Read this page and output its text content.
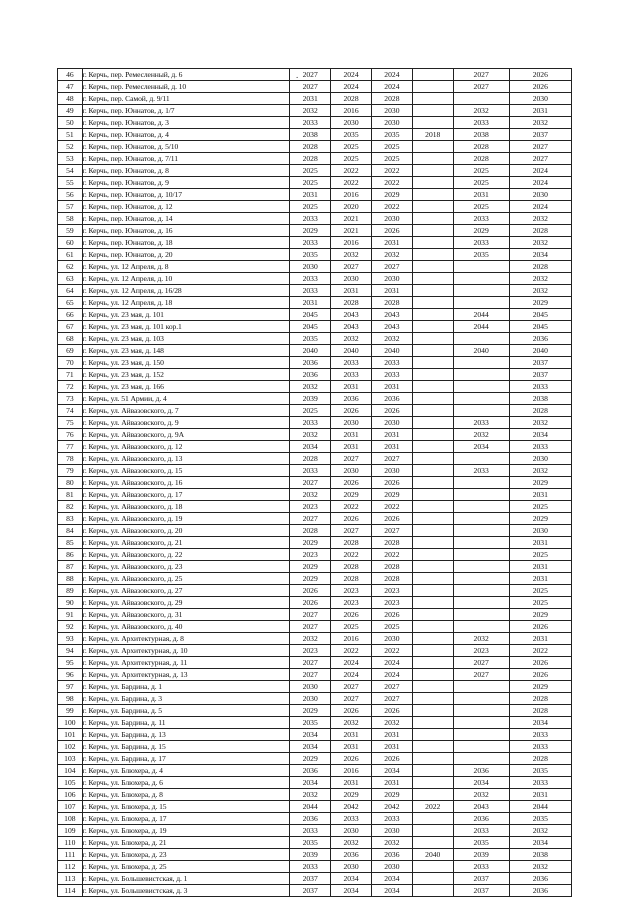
46	г. Керчь, пер. Ремесленный, д. 6	2027	2024	2024		2027	2026
47	г. Керчь, пер. Ремесленный, д. 10	2027	2024	2024		2027	2026
48	г. Керчь, пер. Самой, д. 9/11	2031	2028	2028			2030
49	г. Керчь, пер. Юннатов, д. 1/7	2032	2016	2030		2032	2031
50	г. Керчь, пер. Юннатов, д. 3	2033	2030	2030		2033	2032
51	г. Керчь, пер. Юннатов, д. 4	2038	2035	2035	2018	2038	2037
52	г. Керчь, пер. Юннатов, д. 5/10	2028	2025	2025		2028	2027
53	г. Керчь, пер. Юннатов, д. 7/11	2028	2025	2025		2028	2027
54	г. Керчь, пер. Юннатов, д. 8	2025	2022	2022		2025	2024
55	г. Керчь, пер. Юннатов, д. 9	2025	2022	2022		2025	2024
56	г. Керчь, пер. Юннатов, д. 10/17	2031	2016	2029		2031	2030
57	г. Керчь, пер. Юннатов, д. 12	2025	2020	2022		2025	2024
58	г. Керчь, пер. Юннатов, д. 14	2033	2021	2030		2033	2032
59	г. Керчь, пер. Юннатов, д. 16	2029	2021	2026		2029	2028
60	г. Керчь, пер. Юннатов, д. 18	2033	2016	2031		2033	2032
61	г. Керчь, пер. Юннатов, д. 20	2035	2032	2032		2035	2034
62	г. Керчь, ул. 12 Апреля, д. 8	2030	2027	2027			2028
63	г. Керчь, ул. 12 Апреля, д. 10	2033	2030	2030			2032
64	г. Керчь, ул. 12 Апреля, д. 16/28	2033	2031	2031			2032
65	г. Керчь, ул. 12 Апреля, д. 18	2031	2028	2028			2029
66	г. Керчь, ул. 23 мая, д. 101	2045	2043	2043		2044	2045
67	г. Керчь, ул. 23 мая, д. 101 кор.1	2045	2043	2043		2044	2045
68	г. Керчь, ул. 23 мая, д. 103	2035	2032	2032			2036
69	г. Керчь, ул. 23 мая, д. 148	2040	2040	2040		2040	2040
70	г. Керчь, ул. 23 мая, д. 150	2036	2033	2033			2037
71	г. Керчь, ул. 23 мая, д. 152	2036	2033	2033			2037
72	г. Керчь, ул. 23 мая, д. 166	2032	2031	2031			2033
73	г. Керчь, ул. 51 Армии, д. 4	2039	2036	2036			2038
74	г. Керчь, ул. Айвазовского, д. 7	2025	2026	2026			2028
75	г. Керчь, ул. Айвазовского, д. 9	2033	2030	2030		2033	2032
76	г. Керчь, ул. Айвазовского, д. 9А	2032	2031	2031		2032	2034
77	г. Керчь, ул. Айвазовского, д. 12	2034	2031	2031		2034	2033
78	г. Керчь, ул. Айвазовского, д. 13	2028	2027	2027			2030
79	г. Керчь, ул. Айвазовского, д. 15	2033	2030	2030		2033	2032
80	г. Керчь, ул. Айвазовского, д. 16	2027	2026	2026			2029
81	г. Керчь, ул. Айвазовского, д. 17	2032	2029	2029			2031
82	г. Керчь, ул. Айвазовского, д. 18	2023	2022	2022			2025
83	г. Керчь, ул. Айвазовского, д. 19	2027	2026	2026			2029
84	г. Керчь, ул. Айвазовского, д. 20	2028	2027	2027			2030
85	г. Керчь, ул. Айвазовского, д. 21	2029	2028	2028			2031
86	г. Керчь, ул. Айвазовского, д. 22	2023	2022	2022			2025
87	г. Керчь, ул. Айвазовского, д. 23	2029	2028	2028			2031
88	г. Керчь, ул. Айвазовского, д. 25	2029	2028	2028			2031
89	г. Керчь, ул. Айвазовского, д. 27	2026	2023	2023			2025
90	г. Керчь, ул. Айвазовского, д. 29	2026	2023	2023			2025
91	г. Керчь, ул. Айвазовского, д. 31	2027	2026	2026			2029
92	г. Керчь, ул. Айвазовского, д. 40	2027	2025	2025			2026
93	г. Керчь, ул. Архитектурная, д. 8	2032	2016	2030		2032	2031
94	г. Керчь, ул. Архитектурная, д. 10	2023	2022	2022		2023	2022
95	г. Керчь, ул. Архитектурная, д. 11	2027	2024	2024		2027	2026
96	г. Керчь, ул. Архитектурная, д. 13	2027	2024	2024		2027	2026
97	г. Керчь, ул. Бардина, д. 1	2030	2027	2027			2029
98	г. Керчь, ул. Бардина, д. 3	2030	2027	2027			2028
99	г. Керчь, ул. Бардина, д. 5	2029	2026	2026			2028
100	г. Керчь, ул. Бардина, д. 11	2035	2032	2032			2034
101	г. Керчь, ул. Бардина, д. 13	2034	2031	2031			2033
102	г. Керчь, ул. Бардина, д. 15	2034	2031	2031			2033
103	г. Керчь, ул. Бардина, д. 17	2029	2026	2026			2028
104	г. Керчь, ул. Блюхера, д. 4	2036	2016	2034		2036	2035
105	г. Керчь, ул. Блюхера, д. 6	2034	2031	2031		2034	2033
106	г. Керчь, ул. Блюхера, д. 8	2032	2029	2029		2032	2031
107	г. Керчь, ул. Блюхера, д. 15	2044	2042	2042	2022	2043	2044
108	г. Керчь, ул. Блюхера, д. 17	2036	2033	2033		2036	2035
109	г. Керчь, ул. Блюхера, д. 19	2033	2030	2030		2033	2032
110	г. Керчь, ул. Блюхера, д. 21	2035	2032	2032		2035	2034
111	г. Керчь, ул. Блюхера, д. 23	2039	2036	2036	2040	2039	2038
112	г. Керчь, ул. Блюхера, д. 25	2033	2030	2030		2033	2032
113	г. Керчь, ул. Большевистская, д. 1	2037	2034	2034		2037	2036
114	г. Керчь, ул. Большевистская, д. 3	2037	2034	2034		2037	2036
.
